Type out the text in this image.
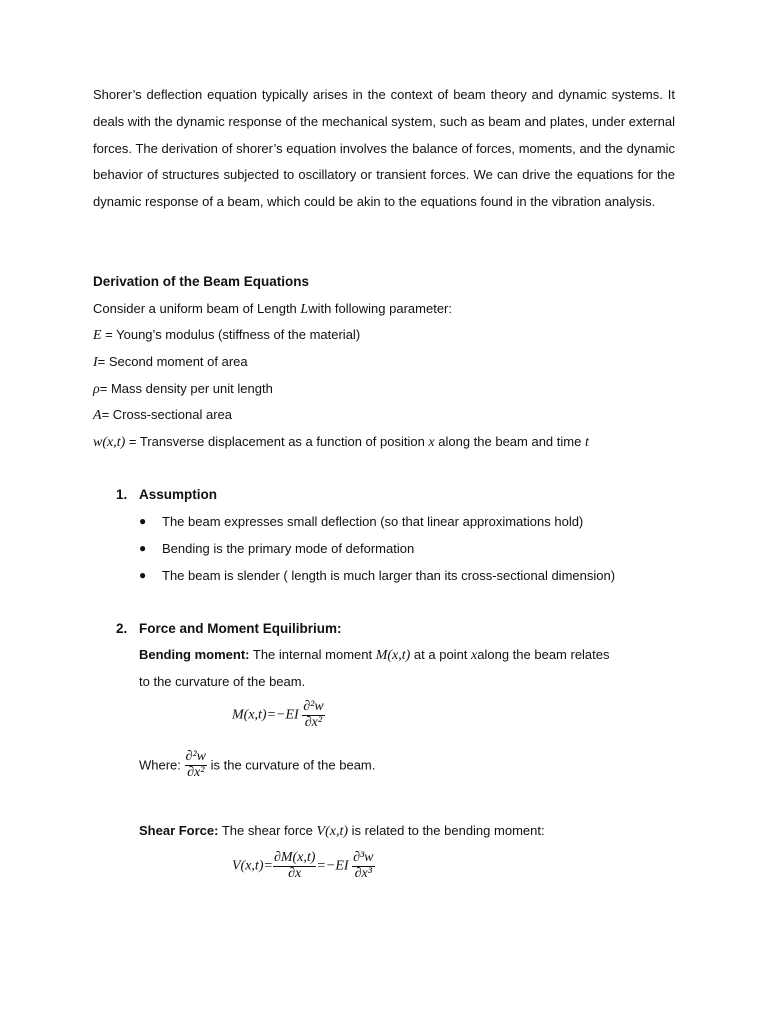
Shorer’s deflection equation typically arises in the context of beam theory and dynamic systems. It deals with the dynamic response of the mechanical system, such as beam and plates, under external forces. The derivation of shorer’s equation involves the balance of forces, moments, and the dynamic behavior of structures subjected to oscillatory or transient forces. We can drive the equations for the dynamic response of a beam, which could be akin to the equations found in the vibration analysis.

Derivation of the Beam Equations

Consider a uniform beam of Length Lwith following parameter:

E = Young’s modulus (stiffness of the material)

I= Second moment of area

ρ= Mass density per unit length

A= Cross-sectional area

w(x,t) = Transverse displacement as a function of position x along the beam and time t

1. Assumption

● The beam expresses small deflection (so that linear approximations hold)

● Bending is the primary mode of deformation

● The beam is slender ( length is much larger than its cross-sectional dimension)

2. Force and Moment Equilibrium:

Bending moment: The internal moment M(x,t) at a point xalong the beam relates

to the curvature of the beam.

$M(x,t)=-EI \frac{\text{∂²w}}{\text{∂x²}}$
Where: $\frac{\text{∂²w}}{\text{∂x²}}$ is the curvature of the beam.

Shear Force: The shear force V(x,t) is related to the bending moment:

$V(x,t)= \frac{\partial M(x,t)}{\partial x} =-EI \frac{\text{∂³w}}{\text{∂x³}}$
